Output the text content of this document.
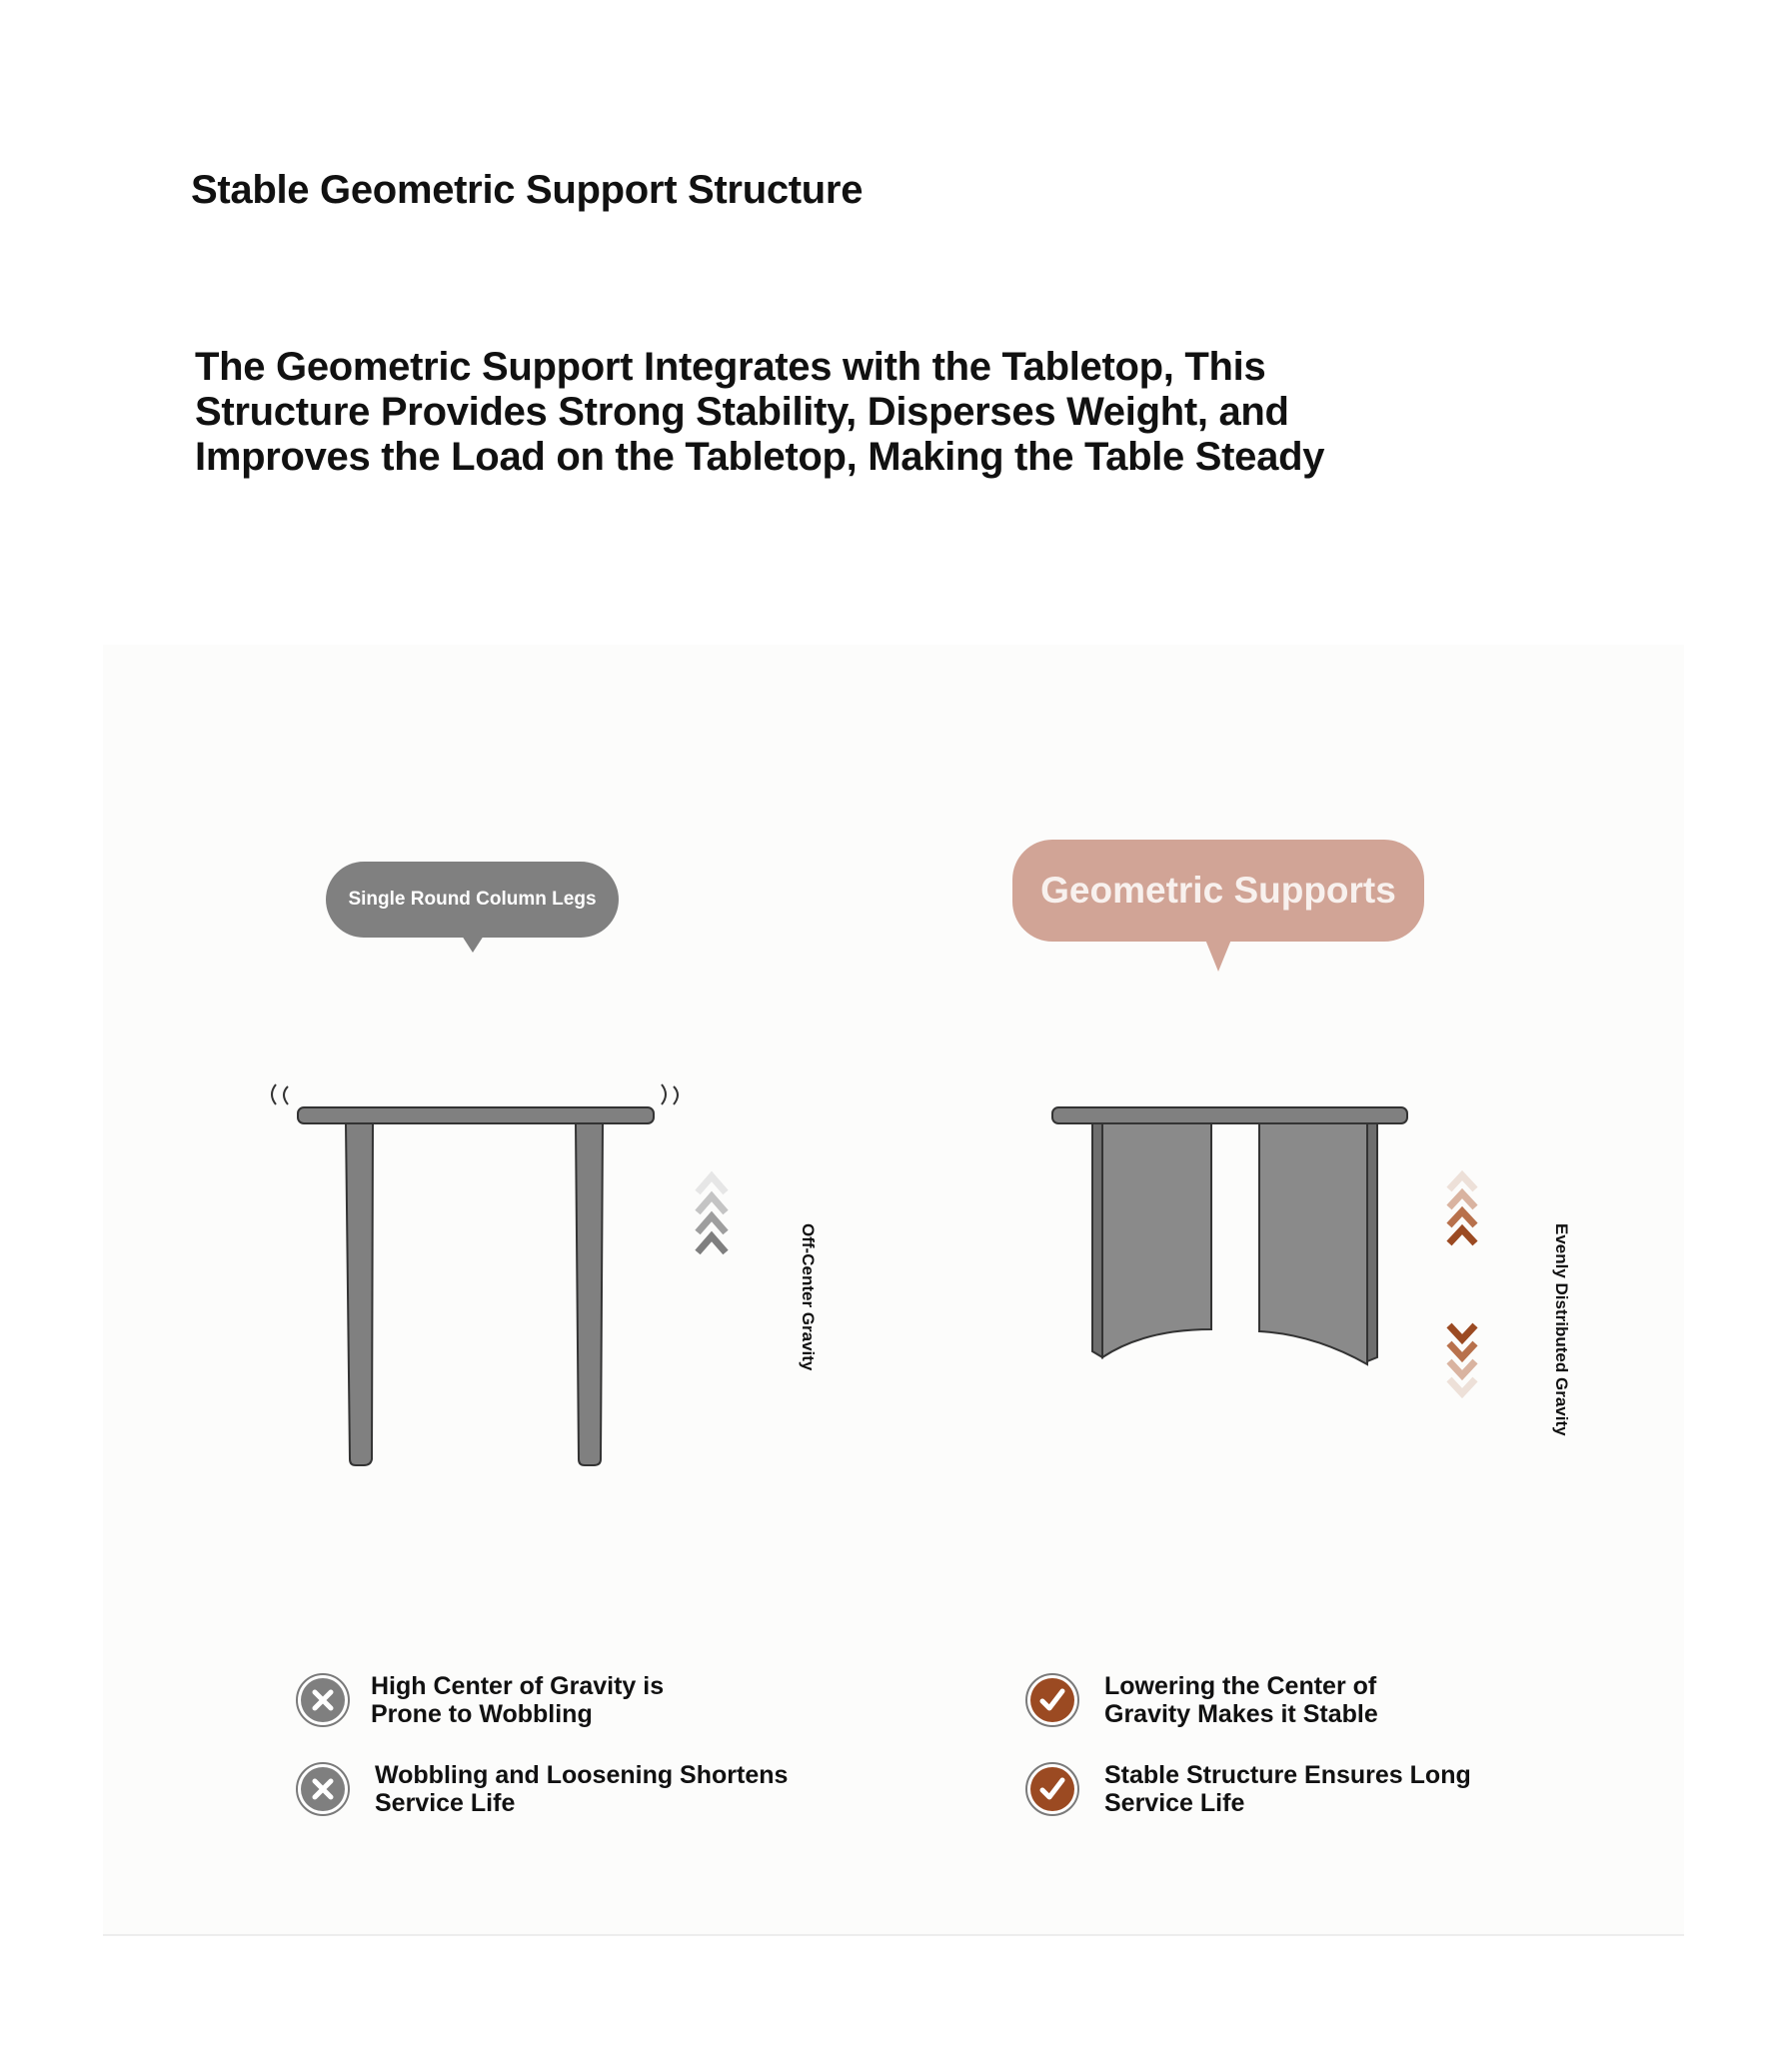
Stable Geometric Support Structure
The Geometric Support Integrates with the Tabletop, This
Structure Provides Strong Stability, Disperses Weight, and
Improves the Load on the Tabletop, Making the Table Steady
Single Round Column Legs
Off-Center Gravity
Geometric Supports
Evenly Distributed Gravity
High Center of Gravity is
Prone to Wobbling
Wobbling and Loosening Shortens
Service Life
Lowering the Center of
Gravity Makes it Stable
Stable Structure Ensures Long
Service Life
